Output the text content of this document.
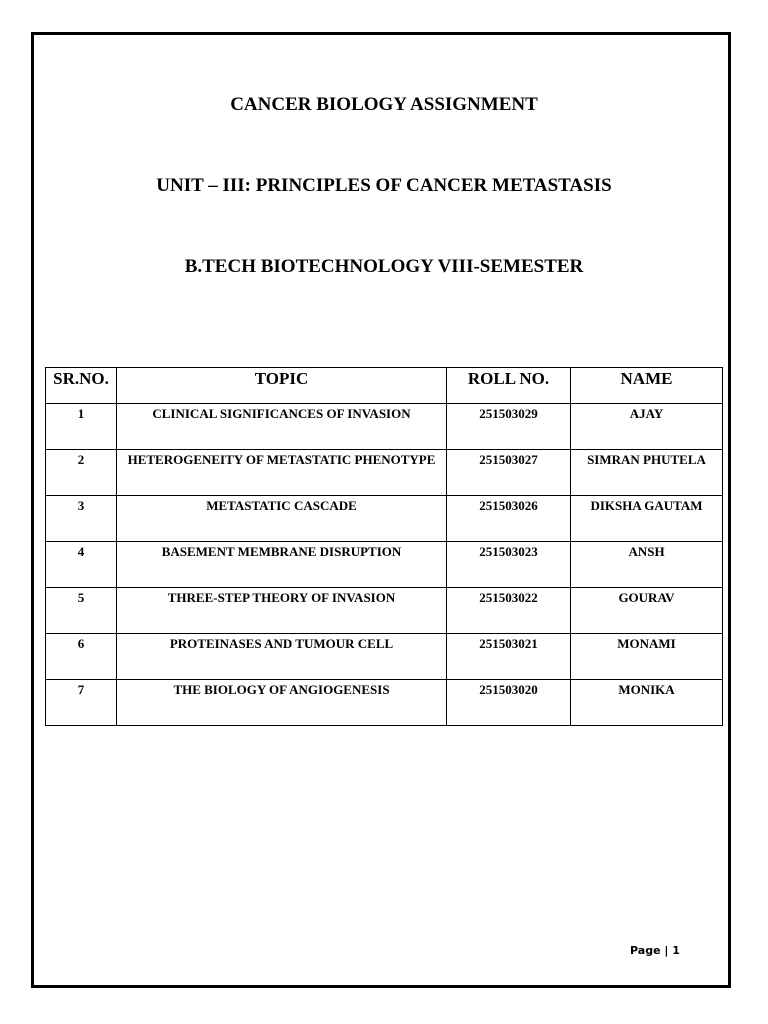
CANCER BIOLOGY ASSIGNMENT
UNIT – III: PRINCIPLES OF CANCER METASTASIS
B.TECH BIOTECHNOLOGY VIII-SEMESTER
SR.NO.	TOPIC	ROLL NO.	NAME
1	CLINICAL SIGNIFICANCES OF INVASION	251503029	AJAY
2	HETEROGENEITY OF METASTATIC PHENOTYPE	251503027	SIMRAN PHUTELA
3	METASTATIC CASCADE	251503026	DIKSHA GAUTAM
4	BASEMENT MEMBRANE DISRUPTION	251503023	ANSH
5	THREE-STEP THEORY OF INVASION	251503022	GOURAV
6	PROTEINASES AND TUMOUR CELL	251503021	MONAMI
7	THE BIOLOGY OF ANGIOGENESIS	251503020	MONIKA
Page | 1
